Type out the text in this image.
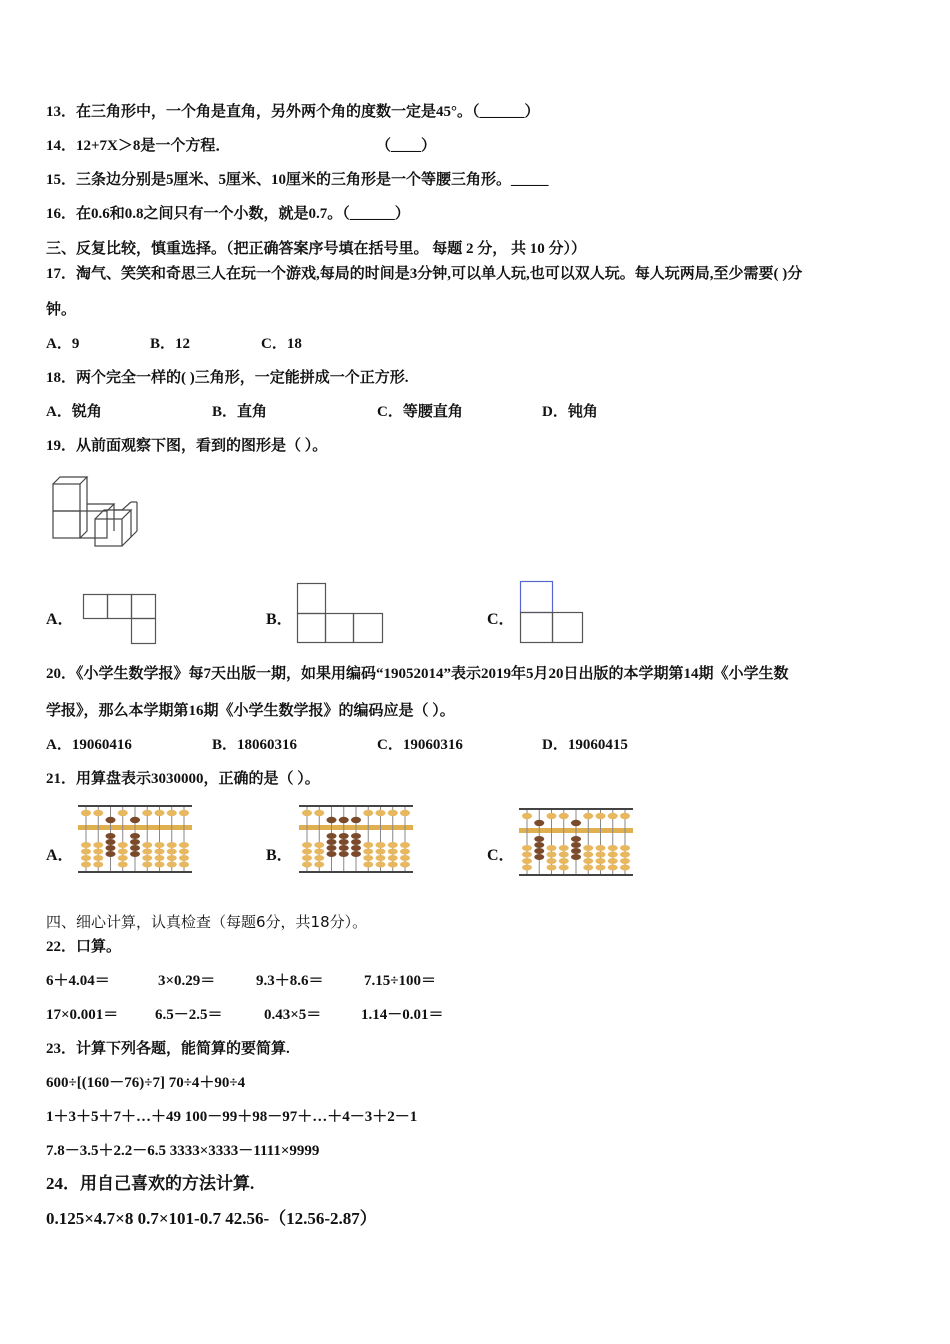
13．在三角形中，一个角是直角，另外两个角的度数一定是45°。（______）
14．12+7X＞8是一个方程．	（____）
15．三条边分别是5厘米、5厘米、10厘米的三角形是一个等腰三角形。_____
16．在0.6和0.8之间只有一个小数，就是0.7。（______）
三、反复比较，慎重选择。（把正确答案序号填在括号里。 每题 2 分， 共 10 分））
17．淘气、笑笑和奇思三人在玩一个游戏,每局的时间是3分钟,可以单人玩,也可以双人玩。每人玩两局,至少需要( )分
钟。
A．9	B．12	C．18
18．两个完全一样的( )三角形，一定能拼成一个正方形.
A．锐角	B．直角	C．等腰直角	D．钝角
19．从前面观察下图，看到的图形是（ ）。
A．	B．	C．
20．《小学生数学报》每7天出版一期，如果用编码“19052014”表示2019年5月20日出版的本学期第14期《小学生数
学报》，那么本学期第16期《小学生数学报》的编码应是（ ）。
A．19060416	B．18060316	C．19060316	D．19060415
21．用算盘表示3030000，正确的是（ ）。
A．	B．	C．
四、细心计算，认真检查（每题6分，共18分）。
22．口算。
6＋4.04＝	3×0.29＝	9.3＋8.6＝	7.15÷100＝
17×0.001＝ 6.5－2.5＝	0.43×5＝	1.14－0.01＝
23．计算下列各题，能简算的要简算.
600÷[(160－76)÷7] 70÷4＋90÷4
1＋3＋5＋7＋…＋49 100－99＋98－97＋…＋4－3＋2－1
7.8－3.5＋2.2－6.5 3333×3333－1111×9999
24．用自己喜欢的方法计算.
0.125×4.7×8 0.7×101-0.7 42.56-（12.56-2.87）
